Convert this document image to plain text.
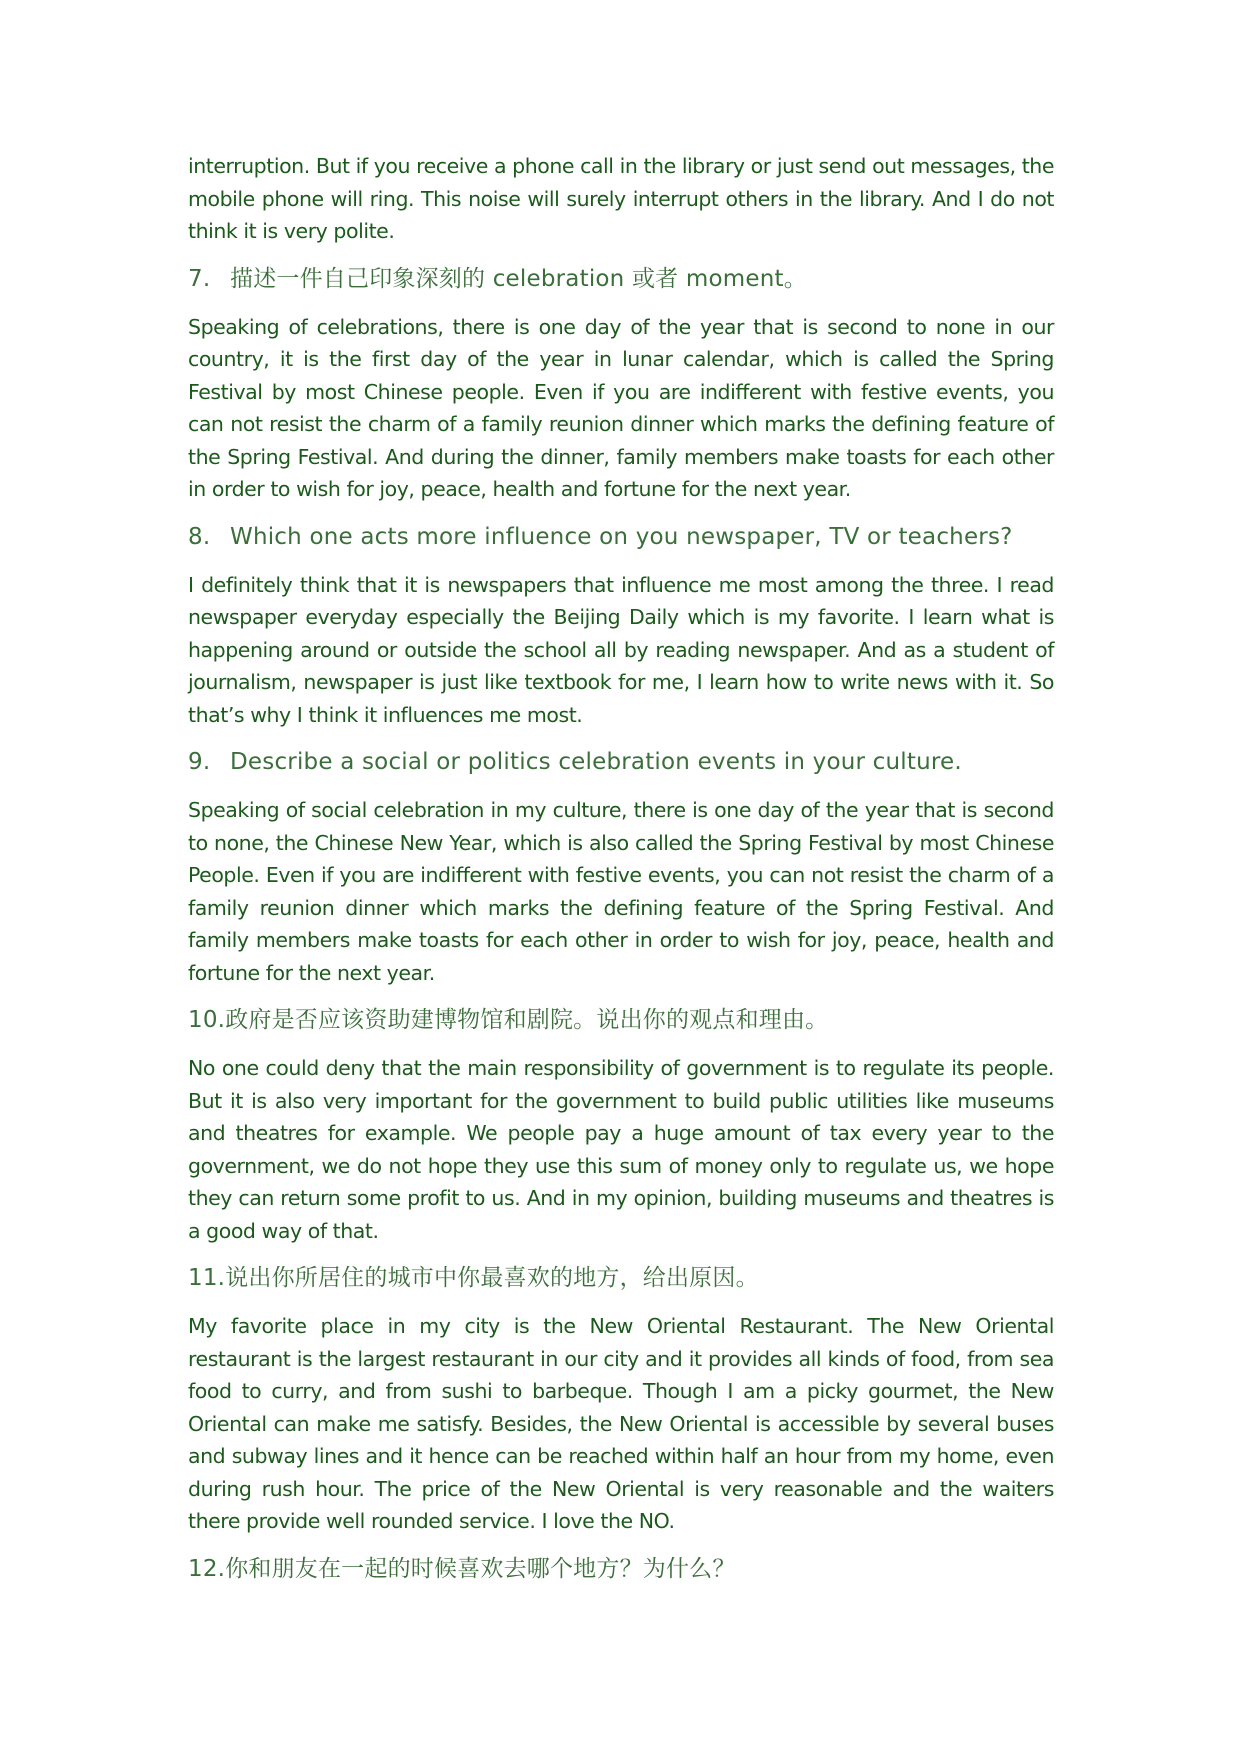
interruption. But if you receive a phone call in the library or just send out messages, the mobile phone will ring. This noise will surely interrupt others in the library. And I do not think it is very polite.

7. 描述一件自己印象深刻的 celebration 或者 moment。

Speaking of celebrations, there is one day of the year that is second to none in our country, it is the first day of the year in lunar calendar, which is called the Spring Festival by most Chinese people. Even if you are indifferent with festive events, you can not resist the charm of a family reunion dinner which marks the defining feature of the Spring Festival. And during the dinner, family members make toasts for each other in order to wish for joy, peace, health and fortune for the next year.

8. Which one acts more influence on you newspaper, TV or teachers?

I definitely think that it is newspapers that influence me most among the three. I read newspaper everyday especially the Beijing Daily which is my favorite. I learn what is happening around or outside the school all by reading newspaper. And as a student of journalism, newspaper is just like textbook for me, I learn how to write news with it. So that’s why I think it influences me most.

9. Describe a social or politics celebration events in your culture.

Speaking of social celebration in my culture, there is one day of the year that is second to none, the Chinese New Year, which is also called the Spring Festival by most Chinese People. Even if you are indifferent with festive events, you can not resist the charm of a family reunion dinner which marks the defining feature of the Spring Festival. And family members make toasts for each other in order to wish for joy, peace, health and fortune for the next year.

10.政府是否应该资助建博物馆和剧院。说出你的观点和理由。

No one could deny that the main responsibility of government is to regulate its people. But it is also very important for the government to build public utilities like museums and theatres for example. We people pay a huge amount of tax every year to the government, we do not hope they use this sum of money only to regulate us, we hope they can return some profit to us. And in my opinion, building museums and theatres is a good way of that.

11.说出你所居住的城市中你最喜欢的地方，给出原因。

My favorite place in my city is the New Oriental Restaurant. The New Oriental restaurant is the largest restaurant in our city and it provides all kinds of food, from sea food to curry, and from sushi to barbeque. Though I am a picky gourmet, the New Oriental can make me satisfy. Besides, the New Oriental is accessible by several buses and subway lines and it hence can be reached within half an hour from my home, even during rush hour. The price of the New Oriental is very reasonable and the waiters there provide well rounded service. I love the NO.

12.你和朋友在一起的时候喜欢去哪个地方？为什么？
